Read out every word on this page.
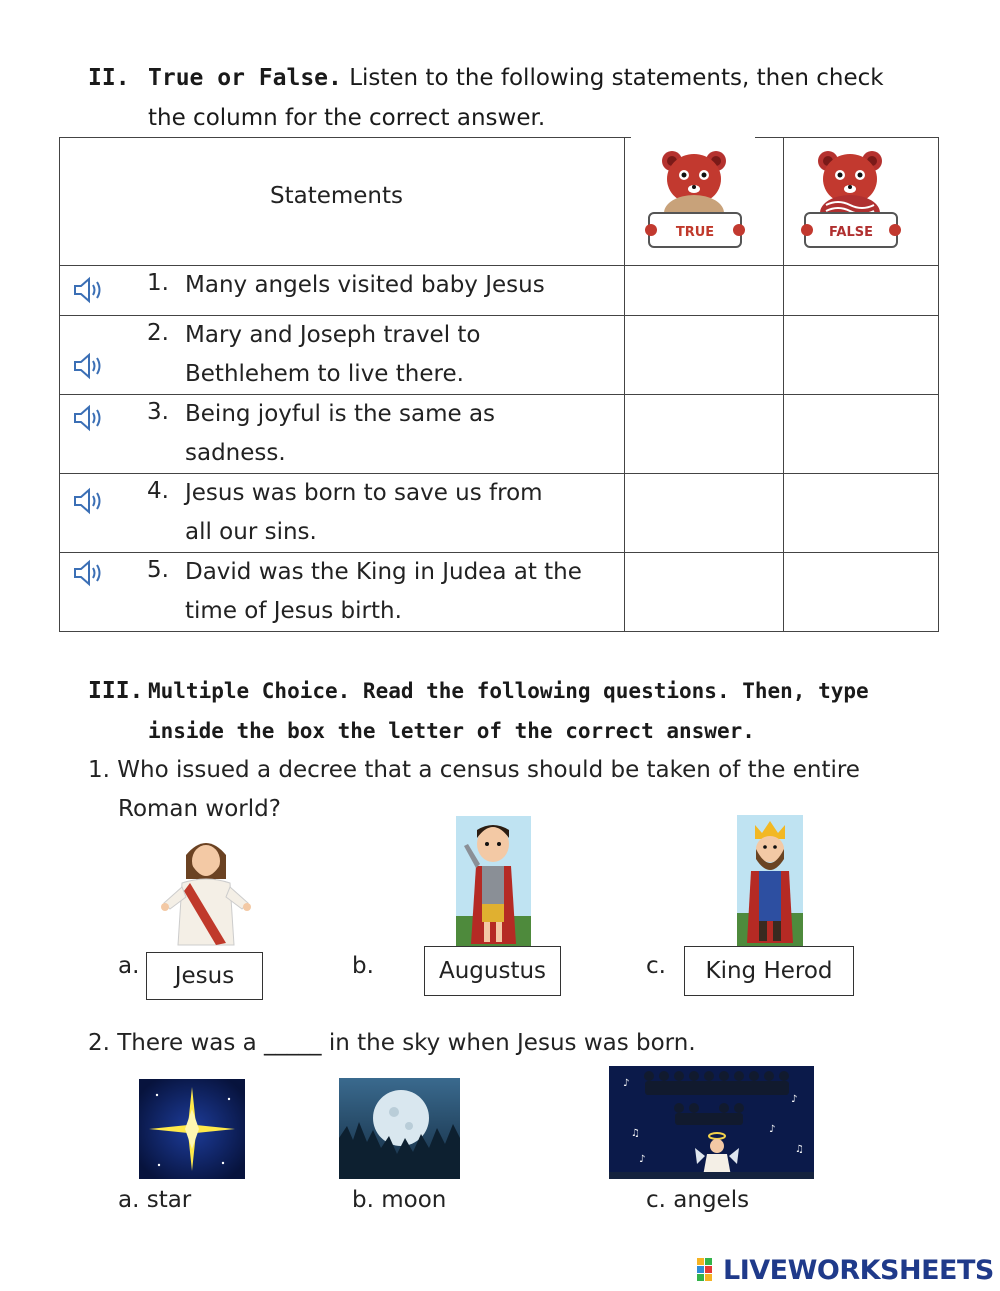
II. True or False. Listen to the following statements, then check
the column for the correct answer.
Statements
TRUE	FALSE
1. Many angels visited baby Jesus
2. Mary and Joseph travel to
Bethlehem to live there.
3. Being joyful is the same as
sadness.
4. Jesus was born to save us from
all our sins.
5. David was the King in Judea at the
time of Jesus birth.
III. Multiple Choice. Read the following questions. Then, type
inside the box the letter of the correct answer.
1. Who issued a decree that a census should be taken of the entire
Roman world?
a.	Jesus	b.	Augustus	c.	King Herod
2. There was a _____ in the sky when Jesus was born.
♪
♫
♪
♫
♪
♪
a. star	b. moon	c. angels
LIVEWORKSHEETS
